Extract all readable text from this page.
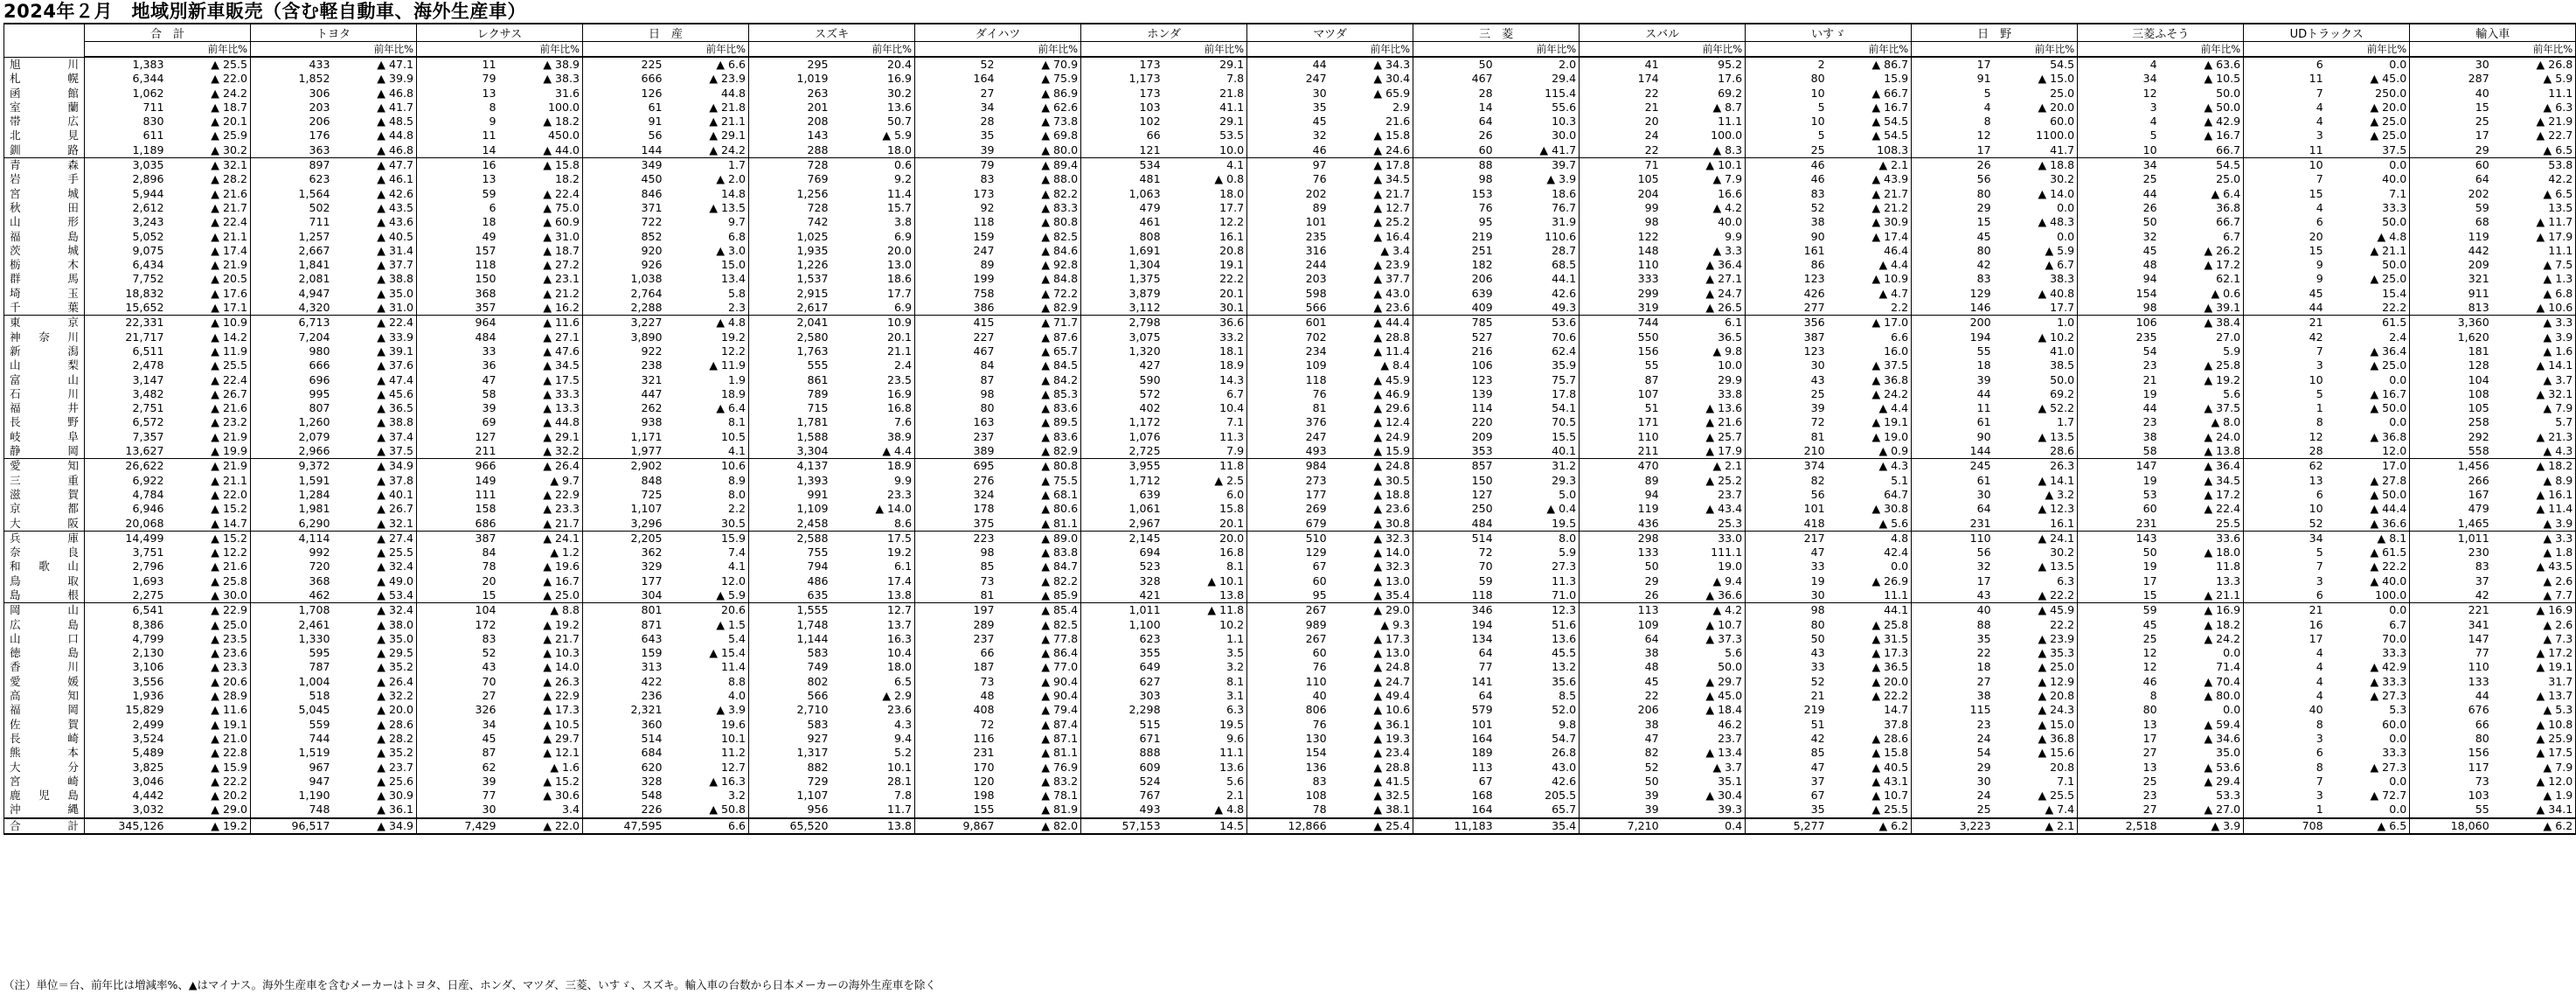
2024年２月　地域別新車販売（含む軽自動車、海外生産車）
	合　計		トヨタ		レクサス		日　産		スズキ		ダイハツ		ホンダ		マツダ		三　菱		スバル		いすゞ		日　野		三菱ふそう		UDトラックス		輸入車	
		前年比%		前年比%		前年比%		前年比%		前年比%		前年比%		前年比%		前年比%		前年比%		前年比%		前年比%		前年比%		前年比%		前年比%		前年比%
旭川	1,383	▲ 25.5	433	▲ 47.1	11	▲ 38.9	225	▲ 6.6	295	20.4	52	▲ 70.9	173	29.1	44	▲ 34.3	50	2.0	41	95.2	2	▲ 86.7	17	54.5	4	▲ 63.6	6	0.0	30	▲ 26.8
札幌	6,344	▲ 22.0	1,852	▲ 39.9	79	▲ 38.3	666	▲ 23.9	1,019	16.9	164	▲ 75.9	1,173	7.8	247	▲ 30.4	467	29.4	174	17.6	80	15.9	91	▲ 15.0	34	▲ 10.5	11	▲ 45.0	287	▲ 5.9
函館	1,062	▲ 24.2	306	▲ 46.8	13	31.6	126	44.8	263	30.2	27	▲ 86.9	173	21.8	30	▲ 65.9	28	115.4	22	69.2	10	▲ 66.7	5	25.0	12	50.0	7	250.0	40	11.1
室蘭	711	▲ 18.7	203	▲ 41.7	8	100.0	61	▲ 21.8	201	13.6	34	▲ 62.6	103	41.1	35	2.9	14	55.6	21	▲ 8.7	5	▲ 16.7	4	▲ 20.0	3	▲ 50.0	4	▲ 20.0	15	▲ 6.3
帯広	830	▲ 20.1	206	▲ 48.5	9	▲ 18.2	91	▲ 21.1	208	50.7	28	▲ 73.8	102	29.1	45	21.6	64	10.3	20	11.1	10	▲ 54.5	8	60.0	4	▲ 42.9	4	▲ 25.0	25	▲ 21.9
北見	611	▲ 25.9	176	▲ 44.8	11	450.0	56	▲ 29.1	143	▲ 5.9	35	▲ 69.8	66	53.5	32	▲ 15.8	26	30.0	24	100.0	5	▲ 54.5	12	1100.0	5	▲ 16.7	3	▲ 25.0	17	▲ 22.7
釧路	1,189	▲ 30.2	363	▲ 46.8	14	▲ 44.0	144	▲ 24.2	288	18.0	39	▲ 80.0	121	10.0	46	▲ 24.6	60	▲ 41.7	22	▲ 8.3	25	108.3	17	41.7	10	66.7	11	37.5	29	▲ 6.5
青森	3,035	▲ 32.1	897	▲ 47.7	16	▲ 15.8	349	1.7	728	0.6	79	▲ 89.4	534	4.1	97	▲ 17.8	88	39.7	71	▲ 10.1	46	▲ 2.1	26	▲ 18.8	34	54.5	10	0.0	60	53.8
岩手	2,896	▲ 28.2	623	▲ 46.1	13	18.2	450	▲ 2.0	769	9.2	83	▲ 88.0	481	▲ 0.8	76	▲ 34.5	98	▲ 3.9	105	▲ 7.9	46	▲ 43.9	56	30.2	25	25.0	7	40.0	64	42.2
宮城	5,944	▲ 21.6	1,564	▲ 42.6	59	▲ 22.4	846	14.8	1,256	11.4	173	▲ 82.2	1,063	18.0	202	▲ 21.7	153	18.6	204	16.6	83	▲ 21.7	80	▲ 14.0	44	▲ 6.4	15	7.1	202	▲ 6.5
秋田	2,612	▲ 21.7	502	▲ 43.5	6	▲ 75.0	371	▲ 13.5	728	15.7	92	▲ 83.3	479	17.7	89	▲ 12.7	76	76.7	99	▲ 4.2	52	▲ 21.2	29	0.0	26	36.8	4	33.3	59	13.5
山形	3,243	▲ 22.4	711	▲ 43.6	18	▲ 60.9	722	9.7	742	3.8	118	▲ 80.8	461	12.2	101	▲ 25.2	95	31.9	98	40.0	38	▲ 30.9	15	▲ 48.3	50	66.7	6	50.0	68	▲ 11.7
福島	5,052	▲ 21.1	1,257	▲ 40.5	49	▲ 31.0	852	6.8	1,025	6.9	159	▲ 82.5	808	16.1	235	▲ 16.4	219	110.6	122	9.9	90	▲ 17.4	45	0.0	32	6.7	20	▲ 4.8	119	▲ 17.9
茨城	9,075	▲ 17.4	2,667	▲ 31.4	157	▲ 18.7	920	▲ 3.0	1,935	20.0	247	▲ 84.6	1,691	20.8	316	▲ 3.4	251	28.7	148	▲ 3.3	161	46.4	80	▲ 5.9	45	▲ 26.2	15	▲ 21.1	442	11.1
栃木	6,434	▲ 21.9	1,841	▲ 37.7	118	▲ 27.2	926	15.0	1,226	13.0	89	▲ 92.8	1,304	19.1	244	▲ 23.9	182	68.5	110	▲ 36.4	86	▲ 4.4	42	▲ 6.7	48	▲ 17.2	9	50.0	209	▲ 7.5
群馬	7,752	▲ 20.5	2,081	▲ 38.8	150	▲ 23.1	1,038	13.4	1,537	18.6	199	▲ 84.8	1,375	22.2	203	▲ 37.7	206	44.1	333	▲ 27.1	123	▲ 10.9	83	38.3	94	62.1	9	▲ 25.0	321	▲ 1.3
埼玉	18,832	▲ 17.6	4,947	▲ 35.0	368	▲ 21.2	2,764	5.8	2,915	17.7	758	▲ 72.2	3,879	20.1	598	▲ 43.0	639	42.6	299	▲ 24.7	426	▲ 4.7	129	▲ 40.8	154	▲ 0.6	45	15.4	911	▲ 6.8
千葉	15,652	▲ 17.1	4,320	▲ 31.0	357	▲ 16.2	2,288	2.3	2,617	6.9	386	▲ 82.9	3,112	30.1	566	▲ 23.6	409	49.3	319	▲ 26.5	277	2.2	146	17.7	98	▲ 39.1	44	22.2	813	▲ 10.6
東京	22,331	▲ 10.9	6,713	▲ 22.4	964	▲ 11.6	3,227	▲ 4.8	2,041	10.9	415	▲ 71.7	2,798	36.6	601	▲ 44.4	785	53.6	744	6.1	356	▲ 17.0	200	1.0	106	▲ 38.4	21	61.5	3,360	▲ 3.3
神奈川	21,717	▲ 14.2	7,204	▲ 33.9	484	▲ 27.1	3,890	19.2	2,580	20.1	227	▲ 87.6	3,075	33.2	702	▲ 28.8	527	70.6	550	36.5	387	6.6	194	▲ 10.2	235	27.0	42	2.4	1,620	▲ 3.9
新潟	6,511	▲ 11.9	980	▲ 39.1	33	▲ 47.6	922	12.2	1,763	21.1	467	▲ 65.7	1,320	18.1	234	▲ 11.4	216	62.4	156	▲ 9.8	123	16.0	55	41.0	54	5.9	7	▲ 36.4	181	▲ 1.6
山梨	2,478	▲ 25.5	666	▲ 37.6	36	▲ 34.5	238	▲ 11.9	555	2.4	84	▲ 84.5	427	18.9	109	▲ 8.4	106	35.9	55	10.0	30	▲ 37.5	18	38.5	23	▲ 25.8	3	▲ 25.0	128	▲ 14.1
富山	3,147	▲ 22.4	696	▲ 47.4	47	▲ 17.5	321	1.9	861	23.5	87	▲ 84.2	590	14.3	118	▲ 45.9	123	75.7	87	29.9	43	▲ 36.8	39	50.0	21	▲ 19.2	10	0.0	104	▲ 3.7
石川	3,482	▲ 26.7	995	▲ 45.6	58	▲ 33.3	447	18.9	789	16.9	98	▲ 85.3	572	6.7	76	▲ 46.9	139	17.8	107	33.8	25	▲ 24.2	44	69.2	19	5.6	5	▲ 16.7	108	▲ 32.1
福井	2,751	▲ 21.6	807	▲ 36.5	39	▲ 13.3	262	▲ 6.4	715	16.8	80	▲ 83.6	402	10.4	81	▲ 29.6	114	54.1	51	▲ 13.6	39	▲ 4.4	11	▲ 52.2	44	▲ 37.5	1	▲ 50.0	105	▲ 7.9
長野	6,572	▲ 23.2	1,260	▲ 38.8	69	▲ 44.8	938	8.1	1,781	7.6	163	▲ 89.5	1,172	7.1	376	▲ 12.4	220	70.5	171	▲ 21.6	72	▲ 19.1	61	1.7	23	▲ 8.0	8	0.0	258	5.7
岐阜	7,357	▲ 21.9	2,079	▲ 37.4	127	▲ 29.1	1,171	10.5	1,588	38.9	237	▲ 83.6	1,076	11.3	247	▲ 24.9	209	15.5	110	▲ 25.7	81	▲ 19.0	90	▲ 13.5	38	▲ 24.0	12	▲ 36.8	292	▲ 21.3
静岡	13,627	▲ 19.9	2,966	▲ 37.5	211	▲ 32.2	1,977	4.1	3,304	▲ 4.4	389	▲ 82.9	2,725	7.9	493	▲ 15.9	353	40.1	211	▲ 17.9	210	▲ 0.9	144	28.6	58	▲ 13.8	28	12.0	558	▲ 4.3
愛知	26,622	▲ 21.9	9,372	▲ 34.9	966	▲ 26.4	2,902	10.6	4,137	18.9	695	▲ 80.8	3,955	11.8	984	▲ 24.8	857	31.2	470	▲ 2.1	374	▲ 4.3	245	26.3	147	▲ 36.4	62	17.0	1,456	▲ 18.2
三重	6,922	▲ 21.1	1,591	▲ 37.8	149	▲ 9.7	848	8.9	1,393	9.9	276	▲ 75.5	1,712	▲ 2.5	273	▲ 30.5	150	29.3	89	▲ 25.2	82	5.1	61	▲ 14.1	19	▲ 34.5	13	▲ 27.8	266	▲ 8.9
滋賀	4,784	▲ 22.0	1,284	▲ 40.1	111	▲ 22.9	725	8.0	991	23.3	324	▲ 68.1	639	6.0	177	▲ 18.8	127	5.0	94	23.7	56	64.7	30	▲ 3.2	53	▲ 17.2	6	▲ 50.0	167	▲ 16.1
京都	6,946	▲ 15.2	1,981	▲ 26.7	158	▲ 23.3	1,107	2.2	1,109	▲ 14.0	178	▲ 80.6	1,061	15.8	269	▲ 23.6	250	▲ 0.4	119	▲ 43.4	101	▲ 30.8	64	▲ 12.3	60	▲ 22.4	10	▲ 44.4	479	▲ 11.4
大阪	20,068	▲ 14.7	6,290	▲ 32.1	686	▲ 21.7	3,296	30.5	2,458	8.6	375	▲ 81.1	2,967	20.1	679	▲ 30.8	484	19.5	436	25.3	418	▲ 5.6	231	16.1	231	25.5	52	▲ 36.6	1,465	▲ 3.9
兵庫	14,499	▲ 15.2	4,114	▲ 27.4	387	▲ 24.1	2,205	15.9	2,588	17.5	223	▲ 89.0	2,145	20.0	510	▲ 32.3	514	8.0	298	33.0	217	4.8	110	▲ 24.1	143	33.6	34	▲ 8.1	1,011	▲ 3.3
奈良	3,751	▲ 12.2	992	▲ 25.5	84	▲ 1.2	362	7.4	755	19.2	98	▲ 83.8	694	16.8	129	▲ 14.0	72	5.9	133	111.1	47	42.4	56	30.2	50	▲ 18.0	5	▲ 61.5	230	▲ 1.8
和歌山	2,796	▲ 21.6	720	▲ 32.4	78	▲ 19.6	329	4.1	794	6.1	85	▲ 84.7	523	8.1	67	▲ 32.3	70	27.3	50	19.0	33	0.0	32	▲ 13.5	19	11.8	7	▲ 22.2	83	▲ 43.5
鳥取	1,693	▲ 25.8	368	▲ 49.0	20	▲ 16.7	177	12.0	486	17.4	73	▲ 82.2	328	▲ 10.1	60	▲ 13.0	59	11.3	29	▲ 9.4	19	▲ 26.9	17	6.3	17	13.3	3	▲ 40.0	37	▲ 2.6
島根	2,275	▲ 30.0	462	▲ 53.4	15	▲ 25.0	304	▲ 5.9	635	13.8	81	▲ 85.9	421	13.8	95	▲ 35.4	118	71.0	26	▲ 36.6	30	11.1	43	▲ 22.2	15	▲ 21.1	6	100.0	42	▲ 7.7
岡山	6,541	▲ 22.9	1,708	▲ 32.4	104	▲ 8.8	801	20.6	1,555	12.7	197	▲ 85.4	1,011	▲ 11.8	267	▲ 29.0	346	12.3	113	▲ 4.2	98	44.1	40	▲ 45.9	59	▲ 16.9	21	0.0	221	▲ 16.9
広島	8,386	▲ 25.0	2,461	▲ 38.0	172	▲ 19.2	871	▲ 1.5	1,748	13.7	289	▲ 82.5	1,100	10.2	989	▲ 9.3	194	51.6	109	▲ 10.7	80	▲ 25.8	88	22.2	45	▲ 18.2	16	6.7	341	▲ 2.6
山口	4,799	▲ 23.5	1,330	▲ 35.0	83	▲ 21.7	643	5.4	1,144	16.3	237	▲ 77.8	623	1.1	267	▲ 17.3	134	13.6	64	▲ 37.3	50	▲ 31.5	35	▲ 23.9	25	▲ 24.2	17	70.0	147	▲ 7.3
徳島	2,130	▲ 23.6	595	▲ 29.5	52	▲ 10.3	159	▲ 15.4	583	10.4	66	▲ 86.4	355	3.5	60	▲ 13.0	64	45.5	38	5.6	43	▲ 17.3	22	▲ 35.3	12	0.0	4	33.3	77	▲ 17.2
香川	3,106	▲ 23.3	787	▲ 35.2	43	▲ 14.0	313	11.4	749	18.0	187	▲ 77.0	649	3.2	76	▲ 24.8	77	13.2	48	50.0	33	▲ 36.5	18	▲ 25.0	12	71.4	4	▲ 42.9	110	▲ 19.1
愛媛	3,556	▲ 20.6	1,004	▲ 26.4	70	▲ 26.3	422	8.8	802	6.5	73	▲ 90.4	627	8.1	110	▲ 24.7	141	35.6	45	▲ 29.7	52	▲ 20.0	27	▲ 12.9	46	▲ 70.4	4	▲ 33.3	133	31.7
高知	1,936	▲ 28.9	518	▲ 32.2	27	▲ 22.9	236	4.0	566	▲ 2.9	48	▲ 90.4	303	3.1	40	▲ 49.4	64	8.5	22	▲ 45.0	21	▲ 22.2	38	▲ 20.8	8	▲ 80.0	4	▲ 27.3	44	▲ 13.7
福岡	15,829	▲ 11.6	5,045	▲ 20.0	326	▲ 17.3	2,321	▲ 3.9	2,710	23.6	408	▲ 79.4	2,298	6.3	806	▲ 10.6	579	52.0	206	▲ 18.4	219	14.7	115	▲ 24.3	80	0.0	40	5.3	676	▲ 5.3
佐賀	2,499	▲ 19.1	559	▲ 28.6	34	▲ 10.5	360	19.6	583	4.3	72	▲ 87.4	515	19.5	76	▲ 36.1	101	9.8	38	46.2	51	37.8	23	▲ 15.0	13	▲ 59.4	8	60.0	66	▲ 10.8
長崎	3,524	▲ 21.0	744	▲ 28.2	45	▲ 29.7	514	10.1	927	9.4	116	▲ 87.1	671	9.6	130	▲ 19.3	164	54.7	47	23.7	42	▲ 28.6	24	▲ 36.8	17	▲ 34.6	3	0.0	80	▲ 25.9
熊本	5,489	▲ 22.8	1,519	▲ 35.2	87	▲ 12.1	684	11.2	1,317	5.2	231	▲ 81.1	888	11.1	154	▲ 23.4	189	26.8	82	▲ 13.4	85	▲ 15.8	54	▲ 15.6	27	35.0	6	33.3	156	▲ 17.5
大分	3,825	▲ 15.9	967	▲ 23.7	62	▲ 1.6	620	12.7	882	10.1	170	▲ 76.9	609	13.6	136	▲ 28.8	113	43.0	52	▲ 3.7	47	▲ 40.5	29	20.8	13	▲ 53.6	8	▲ 27.3	117	▲ 7.9
宮崎	3,046	▲ 22.2	947	▲ 25.6	39	▲ 15.2	328	▲ 16.3	729	28.1	120	▲ 83.2	524	5.6	83	▲ 41.5	67	42.6	50	35.1	37	▲ 43.1	30	7.1	25	▲ 29.4	7	0.0	73	▲ 12.0
鹿児島	4,442	▲ 20.2	1,190	▲ 30.9	77	▲ 30.6	548	3.2	1,107	7.8	198	▲ 78.1	767	2.1	108	▲ 32.5	168	205.5	39	▲ 30.4	67	▲ 10.7	24	▲ 25.5	23	53.3	3	▲ 72.7	103	▲ 1.9
沖縄	3,032	▲ 29.0	748	▲ 36.1	30	3.4	226	▲ 50.8	956	11.7	155	▲ 81.9	493	▲ 4.8	78	▲ 38.1	164	65.7	39	39.3	35	▲ 25.5	25	▲ 7.4	27	▲ 27.0	1	0.0	55	▲ 34.1
合計	345,126	▲ 19.2	96,517	▲ 34.9	7,429	▲ 22.0	47,595	6.6	65,520	13.8	9,867	▲ 82.0	57,153	14.5	12,866	▲ 25.4	11,183	35.4	7,210	0.4	5,277	▲ 6.2	3,223	▲ 2.1	2,518	▲ 3.9	708	▲ 6.5	18,060	▲ 6.2
（注）単位＝台、前年比は増減率%、▲はマイナス。海外生産車を含むメーカーはトヨタ、日産、ホンダ、マツダ、三菱、いすゞ、スズキ。輸入車の台数から日本メーカーの海外生産車を除く
